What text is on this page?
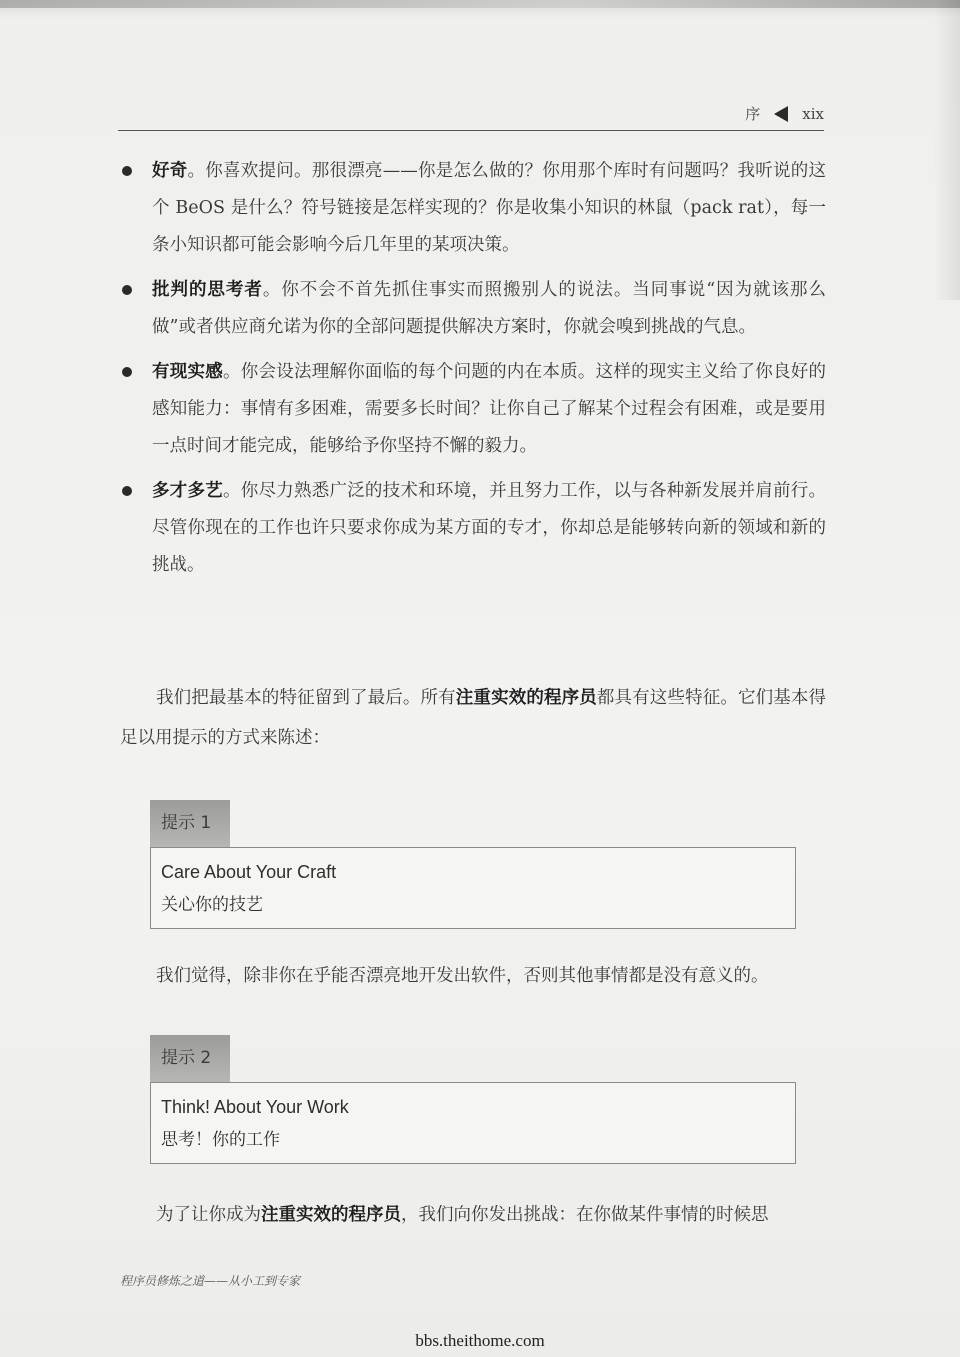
序	xix
好奇。你喜欢提问。那很漂亮——你是怎么做的？你用那个库时有问题吗？我听说的这个 BeOS 是什么？符号链接是怎样实现的？你是收集小知识的林鼠（pack rat），每一条小知识都可能会影响今后几年里的某项决策。
批判的思考者。你不会不首先抓住事实而照搬别人的说法。当同事说“因为就该那么做”或者供应商允诺为你的全部问题提供解决方案时，你就会嗅到挑战的气息。
有现实感。你会设法理解你面临的每个问题的内在本质。这样的现实主义给了你良好的感知能力：事情有多困难，需要多长时间？让你自己了解某个过程会有困难，或是要用一点时间才能完成，能够给予你坚持不懈的毅力。
多才多艺。你尽力熟悉广泛的技术和环境，并且努力工作，以与各种新发展并肩前行。尽管你现在的工作也许只要求你成为某方面的专才，你却总是能够转向新的领域和新的挑战。

我们把最基本的特征留到了最后。所有注重实效的程序员都具有这些特征。它们基本得足以用提示的方式来陈述：

提示 1
Care About Your Craft
关心你的技艺

我们觉得，除非你在乎能否漂亮地开发出软件，否则其他事情都是没有意义的。

提示 2
Think! About Your Work
思考！你的工作

为了让你成为注重实效的程序员，我们向你发出挑战：在你做某件事情的时候思

程序员修炼之道——从小工到专家
bbs.theithome.com
